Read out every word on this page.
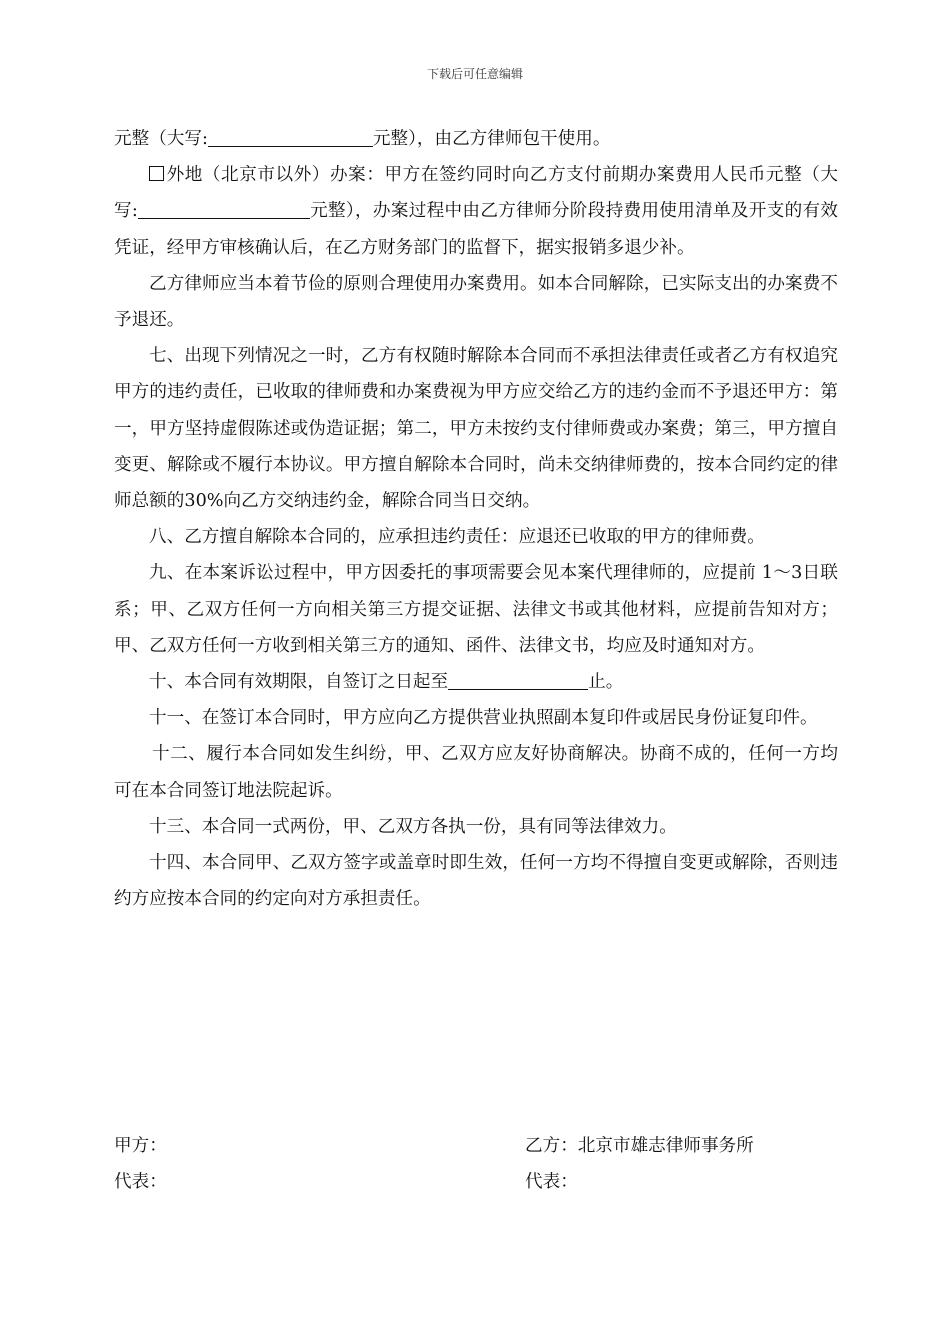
下载后可任意编辑

元整（大写:	元整），由乙方律师包干使用。

外地（北京市以外）办案：甲方在签约同时向乙方支付前期办案费用人民币元整（大写:	元整），办案过程中由乙方律师分阶段持费用使用清单及开支的有效凭证，经甲方审核确认后，在乙方财务部门的监督下，据实报销多退少补。

乙方律师应当本着节俭的原则合理使用办案费用。如本合同解除，已实际支出的办案费不予退还。

七、出现下列情况之一时，乙方有权随时解除本合同而不承担法律责任或者乙方有权追究甲方的违约责任，已收取的律师费和办案费视为甲方应交给乙方的违约金而不予退还甲方：第一，甲方坚持虚假陈述或伪造证据；第二，甲方未按约支付律师费或办案费；第三，甲方擅自变更、解除或不履行本协议。甲方擅自解除本合同时，尚未交纳律师费的，按本合同约定的律师总额的30%向乙方交纳违约金，解除合同当日交纳。

八、乙方擅自解除本合同的，应承担违约责任：应退还已收取的甲方的律师费。

九、在本案诉讼过程中，甲方因委托的事项需要会见本案代理律师的，应提前 1～3日联系；甲、乙双方任何一方向相关第三方提交证据、法律文书或其他材料，应提前告知对方；甲、乙双方任何一方收到相关第三方的通知、函件、法律文书，均应及时通知对方。

十、本合同有效期限，自签订之日起至	止。

十一、在签订本合同时，甲方应向乙方提供营业执照副本复印件或居民身份证复印件。

十二、履行本合同如发生纠纷，甲、乙双方应友好协商解决。协商不成的，任何一方均可在本合同签订地法院起诉。

十三、本合同一式两份，甲、乙双方各执一份，具有同等法律效力。

十四、本合同甲、乙双方签字或盖章时即生效，任何一方均不得擅自变更或解除，否则违约方应按本合同的约定向对方承担责任。

甲方：
代表：
乙方：北京市雄志律师事务所
代表：
